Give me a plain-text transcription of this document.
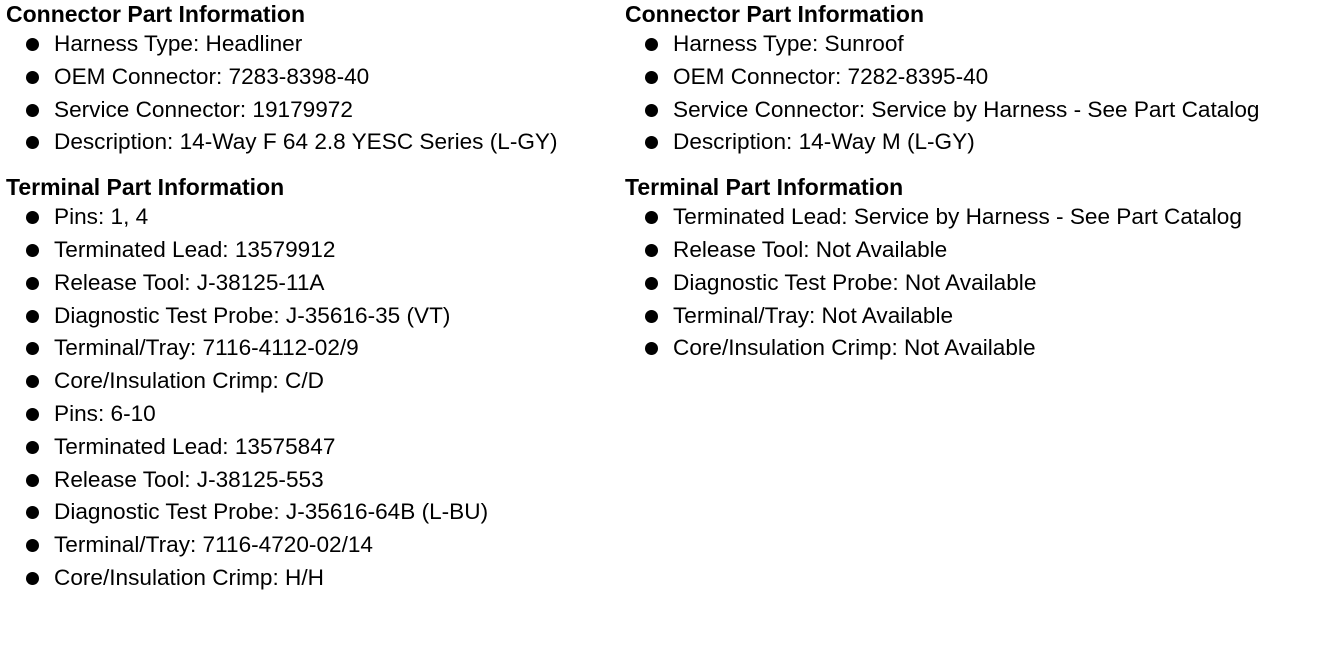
Connector Part Information
Harness Type: Headliner
OEM Connector: 7283-8398-40
Service Connector: 19179972
Description: 14-Way F 64 2.8 YESC Series (L-GY)
Terminal Part Information
Pins: 1, 4
Terminated Lead: 13579912
Release Tool: J-38125-11A
Diagnostic Test Probe: J-35616-35 (VT)
Terminal/Tray: 7116-4112-02/9
Core/Insulation Crimp: C/D
Pins: 6-10
Terminated Lead: 13575847
Release Tool: J-38125-553
Diagnostic Test Probe: J-35616-64B (L-BU)
Terminal/Tray: 7116-4720-02/14
Core/Insulation Crimp: H/H
Connector Part Information
Harness Type: Sunroof
OEM Connector: 7282-8395-40
Service Connector: Service by Harness - See Part Catalog
Description: 14-Way M (L-GY)
Terminal Part Information
Terminated Lead: Service by Harness - See Part Catalog
Release Tool: Not Available
Diagnostic Test Probe: Not Available
Terminal/Tray: Not Available
Core/Insulation Crimp: Not Available
